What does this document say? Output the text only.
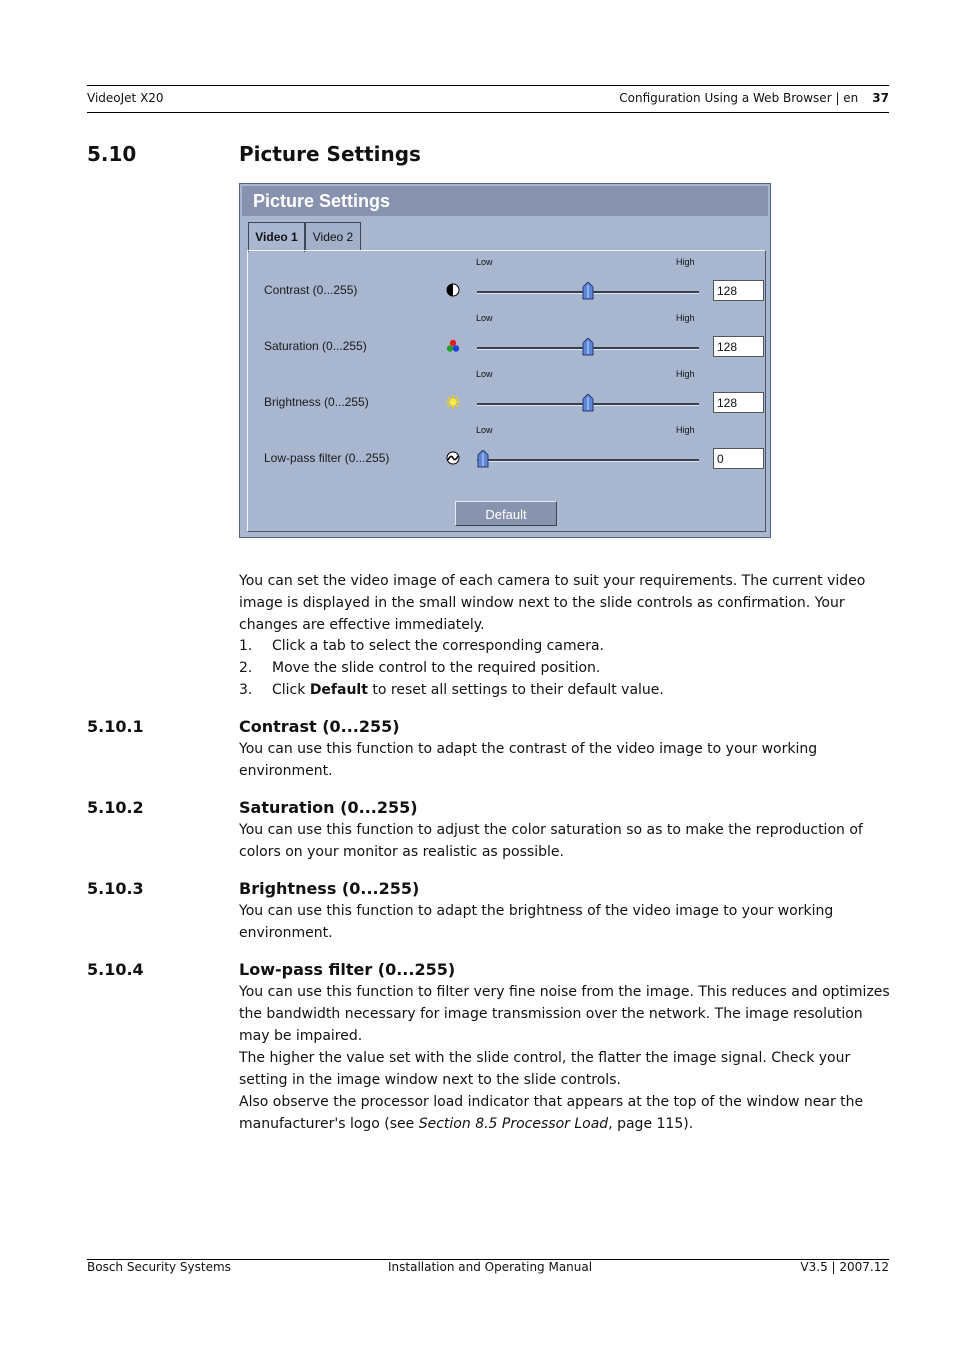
VideoJet X20	Configuration Using a Web Browser | en 37
5.10	Picture Settings
Picture Settings
Video 1	Video 2
Low	High
Contrast (0...255)	128
Low	High
Saturation (0...255)	128
Low	High
Brightness (0...255)	128
Low	High
Low-pass filter (0...255)	0
Default

You can set the video image of each camera to suit your requirements. The current video image is displayed in the small window next to the slide controls as confirmation. Your changes are effective immediately.

1. Click a tab to select the corresponding camera.
2. Move the slide control to the required position.
3. Click Default to reset all settings to their default value.
5.10.1	Contrast (0...255)

You can use this function to adapt the contrast of the video image to your working environment.

5.10.2	Saturation (0...255)

You can use this function to adjust the color saturation so as to make the reproduction of colors on your monitor as realistic as possible.

5.10.3	Brightness (0...255)

You can use this function to adapt the brightness of the video image to your working environment.

5.10.4	Low-pass filter (0...255)

You can use this function to filter very fine noise from the image. This reduces and optimizes the bandwidth necessary for image transmission over the network. The image resolution may be impaired.

The higher the value set with the slide control, the flatter the image signal. Check your setting in the image window next to the slide controls.

Also observe the processor load indicator that appears at the top of the window near the manufacturer's logo (see Section 8.5 Processor Load, page 115).

Bosch Security Systems	Installation and Operating Manual	V3.5 | 2007.12
